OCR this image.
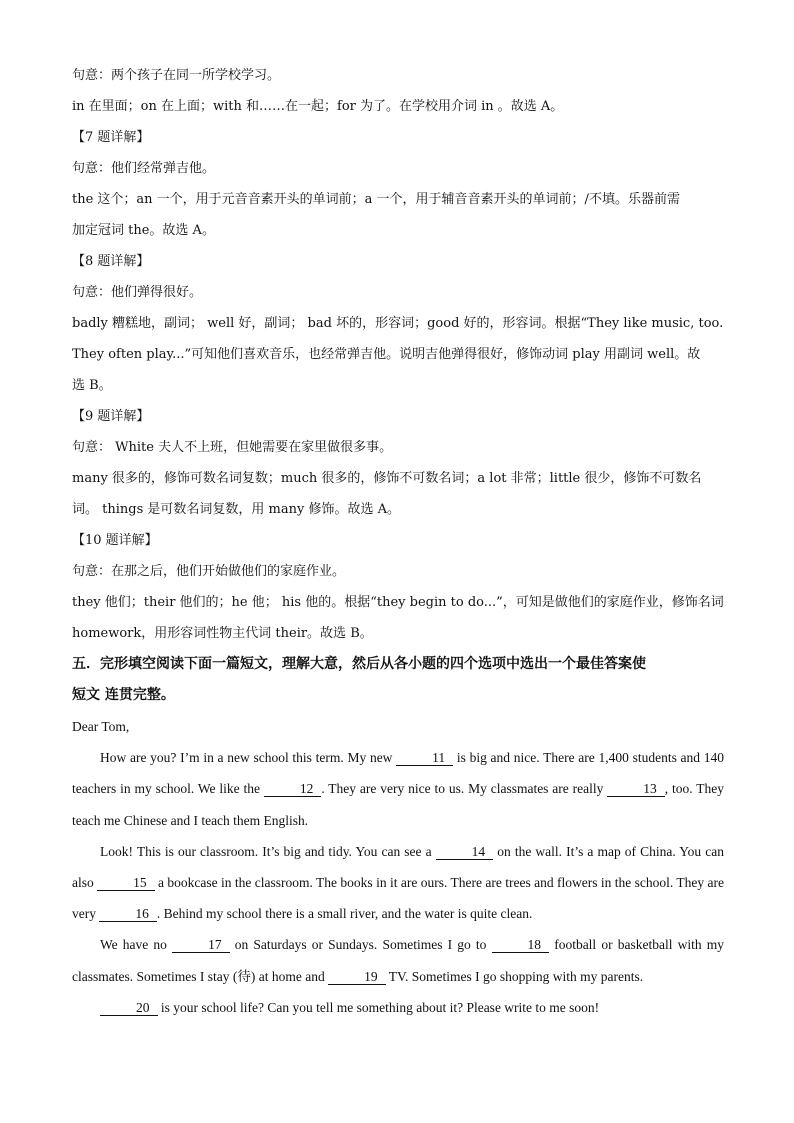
句意：两个孩子在同一所学校学习。
in 在里面；on 在上面；with 和……在一起；for 为了。在学校用介词 in 。故选 A。
【7 题详解】
句意：他们经常弹吉他。
the 这个；an 一个，用于元音音素开头的单词前；a 一个，用于辅音音素开头的单词前；/不填。乐器前需
加定冠词 the。故选 A。
【8 题详解】
句意：他们弹得很好。
badly 糟糕地，副词； well 好，副词； bad 坏的，形容词；good 好的，形容词。根据“They like music, too.
They often play...”可知他们喜欢音乐，也经常弹吉他。说明吉他弹得很好，修饰动词 play 用副词 well。故
选 B。
【9 题详解】
句意： White 夫人不上班，但她需要在家里做很多事。
many 很多的，修饰可数名词复数；much 很多的，修饰不可数名词；a lot 非常；little 很少，修饰不可数名
词。 things 是可数名词复数，用 many 修饰。故选 A。
【10 题详解】
句意：在那之后，他们开始做他们的家庭作业。
they 他们；their 他们的；he 他； his 他的。根据“they begin to do...”，可知是做他们的家庭作业，修饰名词
homework，用形容词性物主代词 their。故选 B。
五．完形填空阅读下面一篇短文，理解大意，然后从各小题的四个选项中选出一个最佳答案使
短文 连贯完整。
Dear Tom,
How are you? I’m in a new school this term. My new	11 is big and nice. There are 1,400 students and 140 teachers in my school. We like the	12 . They are very nice to us. My classmates are really	13 , too. They teach me Chinese and I teach them English.
Look! This is our classroom. It’s big and tidy. You can see a	14 on the wall. It’s a map of China. You can also	15 a bookcase in the classroom. The books in it are ours. There are trees and flowers in the school. They are very	16 . Behind my school there is a small river, and the water is quite clean.
We have no	17 on Saturdays or Sundays. Sometimes I go to	18 football or basketball with my classmates. Sometimes I stay (待) at home and	19 TV. Sometimes I go shopping with my parents.
20 is your school life? Can you tell me something about it? Please write to me soon!
